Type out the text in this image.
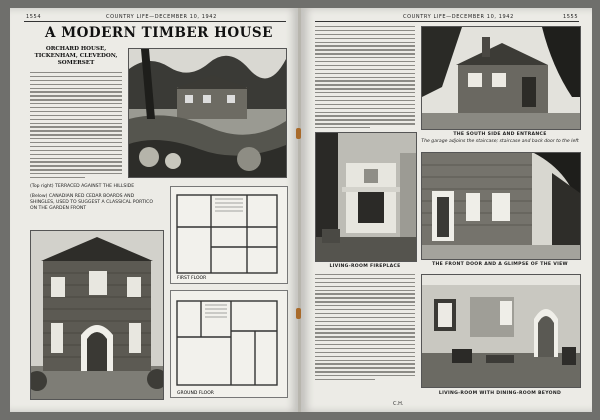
1554	COUNTRY LIFE—DECEMBER 10, 1942
A MODERN TIMBER HOUSE
ORCHARD HOUSE,
TICKENHAM, CLEVEDON,
SOMERSET
(Top right) TERRACED AGAINST THE HILLSIDE
(Below) CANADIAN RED CEDAR BOARDS AND SHINGLES, USED TO SUGGEST A CLASSICAL PORTICO ON THE GARDEN FRONT
FIRST FLOOR
GROUND FLOOR
COUNTRY LIFE—DECEMBER 10, 1942	1555
THE SOUTH SIDE AND ENTRANCE
The garage adjoins the staircase; staircase and back door to the left
LIVING-ROOM FIREPLACE	THE FRONT DOOR AND A GLIMPSE OF THE VIEW
C.H.
LIVING-ROOM WITH DINING-ROOM BEYOND
